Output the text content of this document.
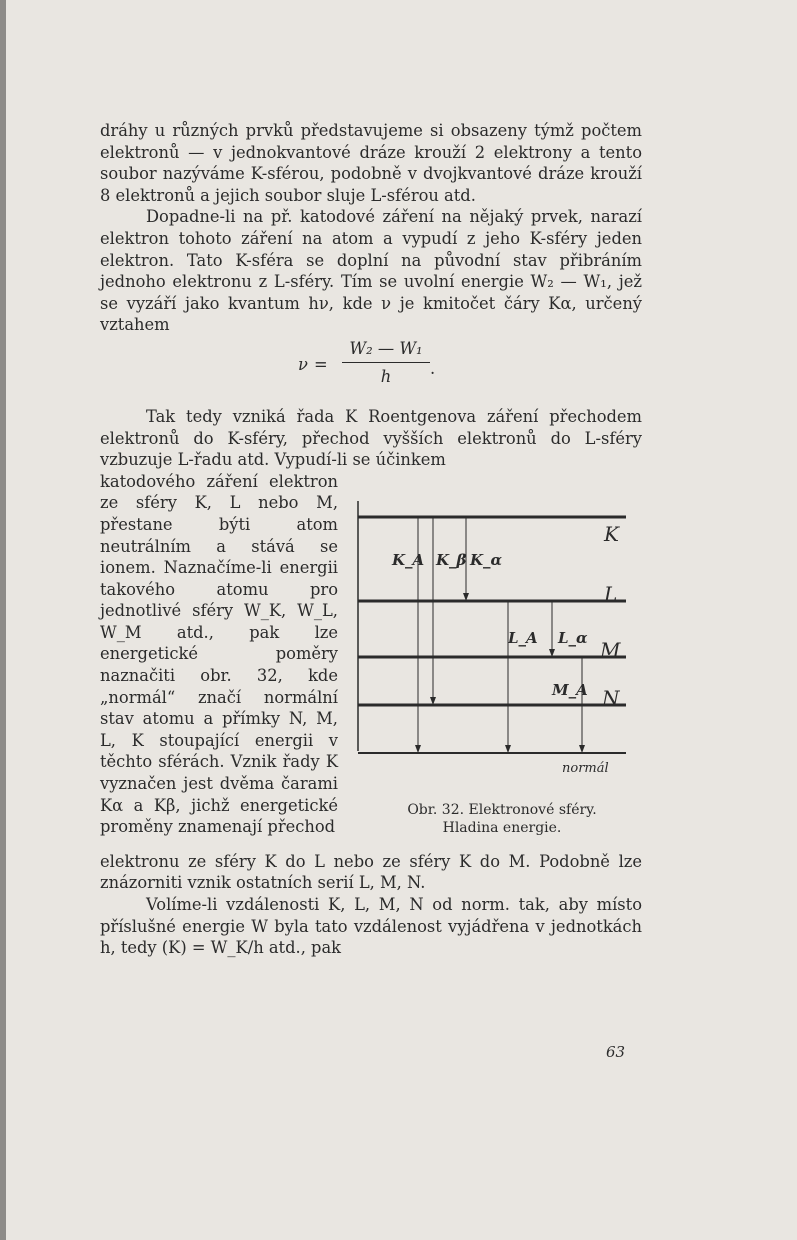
dráhy u různých prvků představujeme si obsazeny týmž počtem elektronů — v jednokvantové dráze krouží 2 elektrony a tento soubor nazýváme K-sférou, podobně v dvojkvantové dráze krouží 8 elektronů a jejich soubor sluje L-sférou atd.

Dopadne-li na př. katodové záření na nějaký prvek, narazí elektron tohoto záření na atom a vypudí z jeho K-sféry jeden elektron. Tato K-sféra se doplní na původní stav přibráním jednoho elektronu z L-sféry. Tím se uvolní energie W₂ — W₁, jež se vyzáří jako kvantum hν, kde ν je kmitočet čáry Kα, určený vztahem

$\nu = \frac{\text{W₂ — W₁}}{h}$ .

Tak tedy vzniká řada K Roentgenova záření přechodem elektronů do K-sféry, přechod vyšších elektronů do L-sféry vzbuzuje L-řadu atd. Vypudí-li se účinkem

katodového záření elektron ze sféry K, L nebo M, přestane býti atom neutrálním a stává se ionem. Naznačíme-li energii takového atomu pro jednotlivé sféry W_K, W_L, W_M atd., pak lze energetické poměry naznačiti obr. 32, kde „normál“ značí normální stav atomu a přímky N, M, L, K stoupající energii v těchto sférách. Vznik řady K vyznačen jest dvěma čarami Kα a Kβ, jichž energetické proměny znamenají přechod

K
L
M
N
normál
K_A K_β K_α
L_A L_α
M_A
Obr. 32. Elektronové sféry.
Hladina energie.

elektronu ze sféry K do L nebo ze sféry K do M. Podobně lze znázorniti vznik ostatních serií L, M, N.

Volíme-li vzdálenosti K, L, M, N od norm. tak, aby místo příslušné energie W byla tato vzdálenost vyjádřena v jednotkách h, tedy (K) = W_K/h atd., pak

63
